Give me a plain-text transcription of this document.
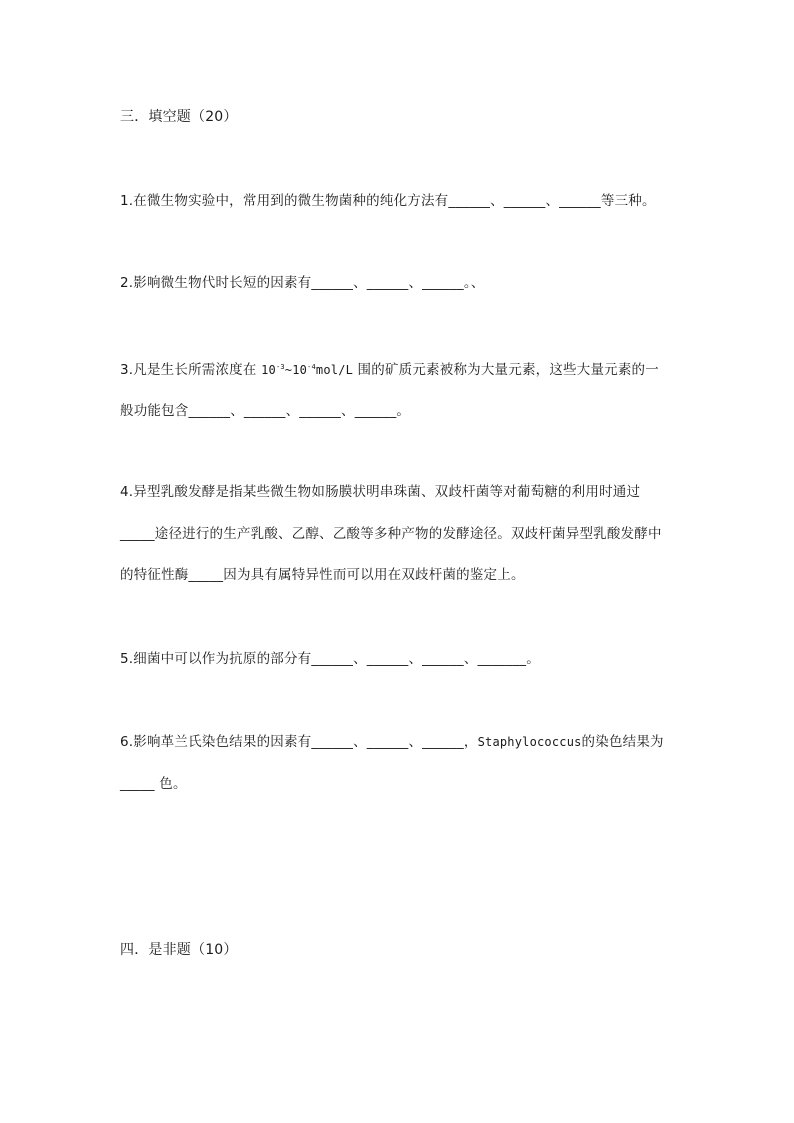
三．填空题（20）
1.在微生物实验中，常用到的微生物菌种的纯化方法有______、______、______等三种。
2.影响微生物代时长短的因素有______、______、______。、
3.凡是生长所需浓度在 $10^{-3}\sim 10^{-4}mol/L$ 围的矿质元素被称为大量元素，这些大量元素的一
般功能包含______、______、______、______。
4.异型乳酸发酵是指某些微生物如肠膜状明串珠菌、双歧杆菌等对葡萄糖的利用时通过
_____途径进行的生产乳酸、乙醇、乙酸等多种产物的发酵途径。双歧杆菌异型乳酸发酵中
的特征性酶_____因为具有属特异性而可以用在双歧杆菌的鉴定上。
5.细菌中可以作为抗原的部分有______、______、______、_______。
6.影响革兰氏染色结果的因素有______、______、______，Staphylococcus的染色结果为
_____ 色。
四．是非题（10）
